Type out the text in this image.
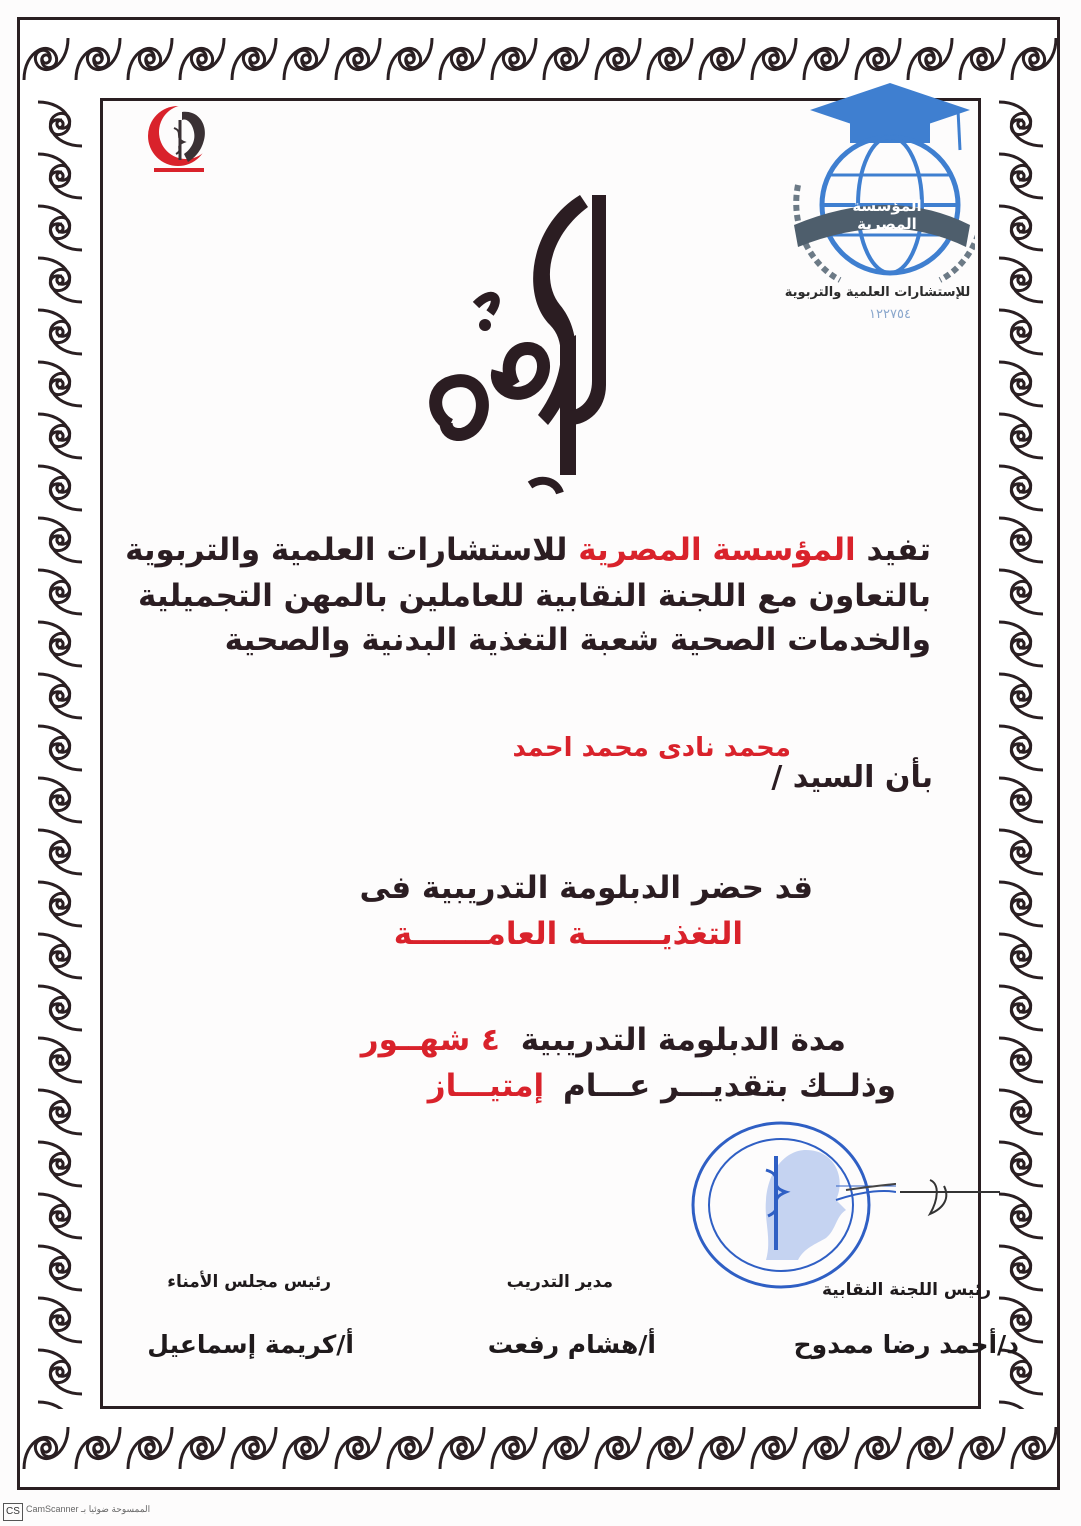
المؤسسة المصرية
للإستشارات العلمية والتربوية
١٢٢٧٥٤
تفيد المؤسسة المصرية للاستشارات العلمية والتربوية
بالتعاون مع اللجنة النقابية للعاملين بالمهن التجميلية
والخدمات الصحية شعبة التغذية البدنية والصحية
محمد نادى محمد احمد
بأن السيد /
قد حضر الدبلومة التدريبية فى
التغذيـــــــة العامـــــــة
مدة الدبلومة التدريبية ٤ شهــور
وذلــك بتقديـــر عـــام إمتيـــاز
رئيس اللجنة النقابية
د/أحمد رضا ممدوح
مدير التدريب
أ/هشام رفعت
رئيس مجلس الأمناء
أ/كريمة إسماعيل
CS CamScanner الممسوحة ضوئيا بـ
